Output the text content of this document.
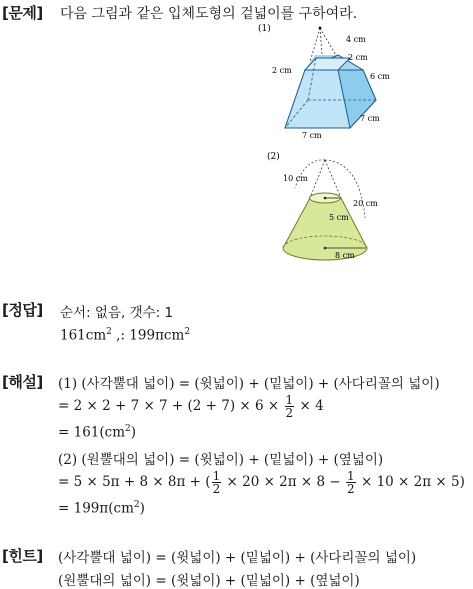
[문제] 다음 그림과 같은 입체도형의 겉넓이를 구하여라.
(1)
4 cm
2 cm
2 cm
6 cm
7 cm
7 cm
(2)
10 cm
20 cm
5 cm
8 cm
[정답] 순서: 없음, 갯수: 1
$161cm^2$ ,: 199πcm$^2$
[해설] (1) (사각뿔대 넓이) = (윗넓이) + (밑넓이) + (사다리꼴의 넓이)
= $2 \times 2 + 7 \times 7 + (2 + 7) \times 6 \times \frac{1}{2} \times 4$
= $161(cm^2)$
(2) (원뿔대의 넓이) = (윗넓이) + (밑넓이) + (옆넓이)
= 5 × 5π + 8 × 8π + ( $\frac{1}{2} \times 20 \times 2\pi \times 8 - \frac{1}{2} \times 10 \times 2\pi \times 5$)
= $199\pi(cm^2)$
[힌트] (사각뿔대 넓이) = (윗넓이) + (밑넓이) + (사다리꼴의 넓이)
(원뿔대의 넓이) = (윗넓이) + (밑넓이) + (옆넓이)
